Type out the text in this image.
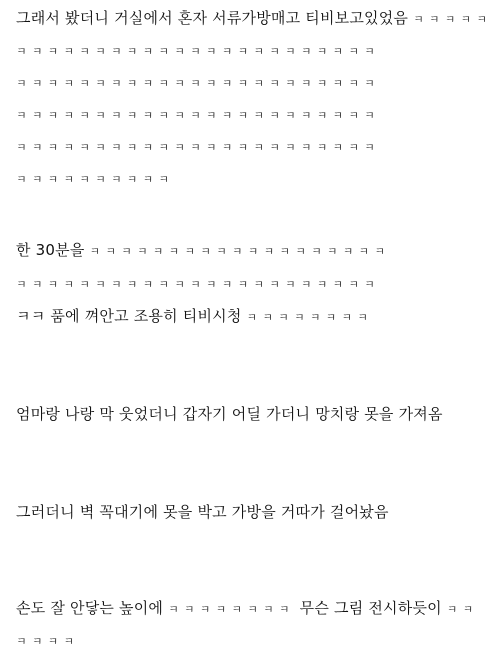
그래서 봤더니 거실에서 혼자 서류가방매고 티비보고있었음 ㅋㅋㅋㅋㅋ
ㅋㅋㅋㅋㅋㅋㅋㅋㅋㅋㅋㅋㅋㅋㅋㅋㅋㅋㅋㅋㅋㅋㅋ
ㅋㅋㅋㅋㅋㅋㅋㅋㅋㅋㅋㅋㅋㅋㅋㅋㅋㅋㅋㅋㅋㅋㅋ
ㅋㅋㅋㅋㅋㅋㅋㅋㅋㅋㅋㅋㅋㅋㅋㅋㅋㅋㅋㅋㅋㅋㅋ
ㅋㅋㅋㅋㅋㅋㅋㅋㅋㅋㅋㅋㅋㅋㅋㅋㅋㅋㅋㅋㅋㅋㅋ
ㅋㅋㅋㅋㅋㅋㅋㅋㅋㅋ
한 30분을 ㅋㅋㅋㅋㅋㅋㅋㅋㅋㅋㅋㅋㅋㅋㅋㅋㅋㅋㅋ
ㅋㅋㅋㅋㅋㅋㅋㅋㅋㅋㅋㅋㅋㅋㅋㅋㅋㅋㅋㅋㅋㅋㅋ
ㅋㅋ 품에 껴안고 조용히 티비시청 ㅋㅋㅋㅋㅋㅋㅋㅋ
엄마랑 나랑 막 웃었더니 갑자기 어딜 가더니 망치랑 못을 가져옴
그러더니 벽 꼭대기에 못을 박고 가방을 거따가 걸어놨음
손도 잘 안닿는 높이에 ㅋㅋㅋㅋㅋㅋㅋㅋ 무슨 그림 전시하듯이 ㅋㅋ
ㅋㅋㅋㅋ
